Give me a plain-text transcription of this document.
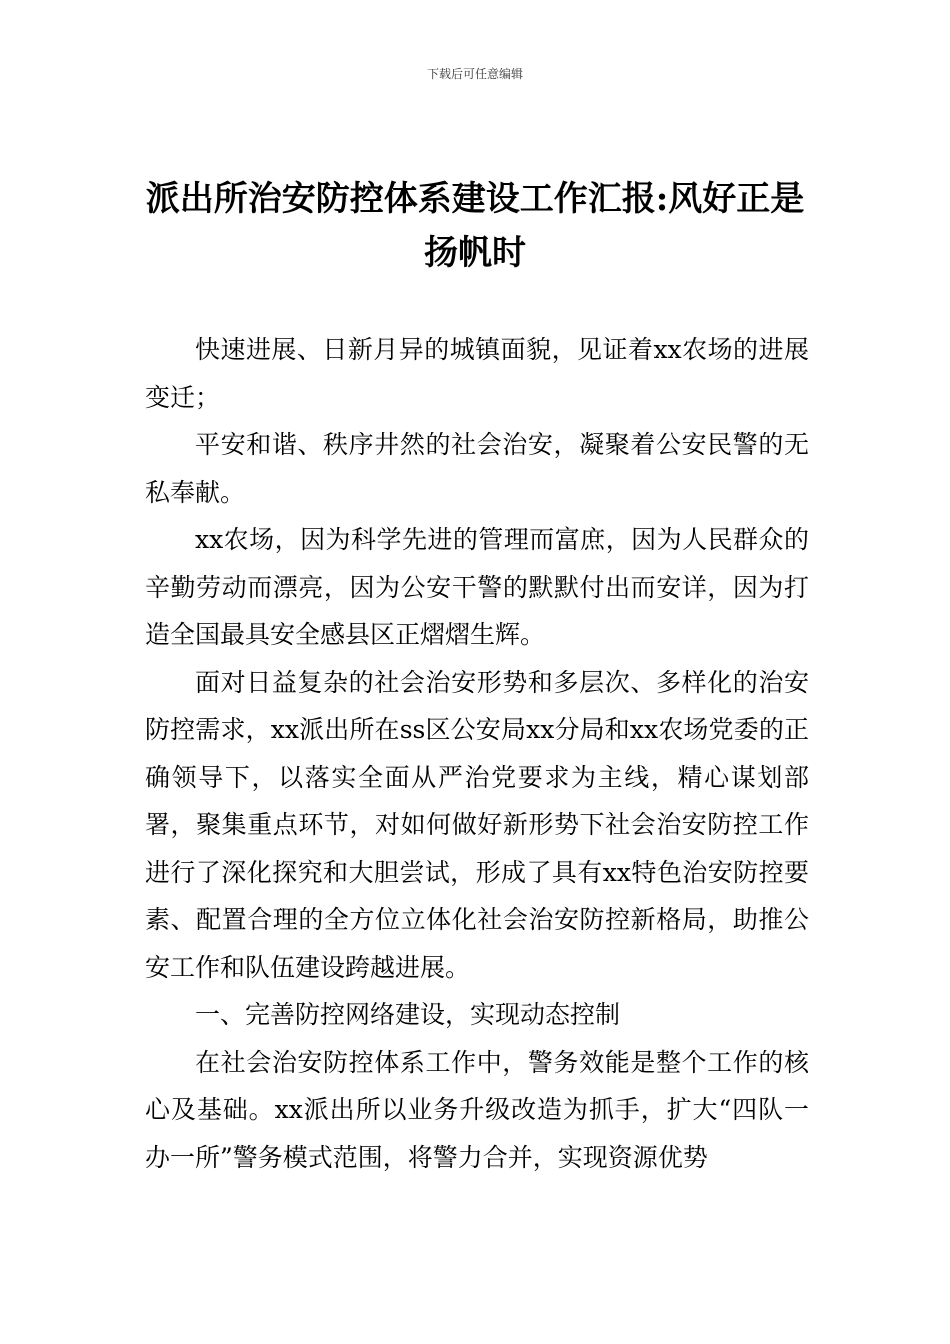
下载后可任意编辑
派出所治安防控体系建设工作汇报:风好正是扬帆时

快速进展、日新月异的城镇面貌，见证着xx农场的进展变迁；

平安和谐、秩序井然的社会治安，凝聚着公安民警的无私奉献。

xx农场，因为科学先进的管理而富庶，因为人民群众的辛勤劳动而漂亮，因为公安干警的默默付出而安详，因为打造全国最具安全感县区正熠熠生辉。

面对日益复杂的社会治安形势和多层次、多样化的治安防控需求，xx派出所在ss区公安局xx分局和xx农场党委的正确领导下，以落实全面从严治党要求为主线，精心谋划部署，聚集重点环节，对如何做好新形势下社会治安防控工作进行了深化探究和大胆尝试，形成了具有xx特色治安防控要素、配置合理的全方位立体化社会治安防控新格局，助推公安工作和队伍建设跨越进展。

一、完善防控网络建设，实现动态控制

在社会治安防控体系工作中，警务效能是整个工作的核心及基础。xx派出所以业务升级改造为抓手，扩大“四队一办一所”警务模式范围，将警力合并，实现资源优势
